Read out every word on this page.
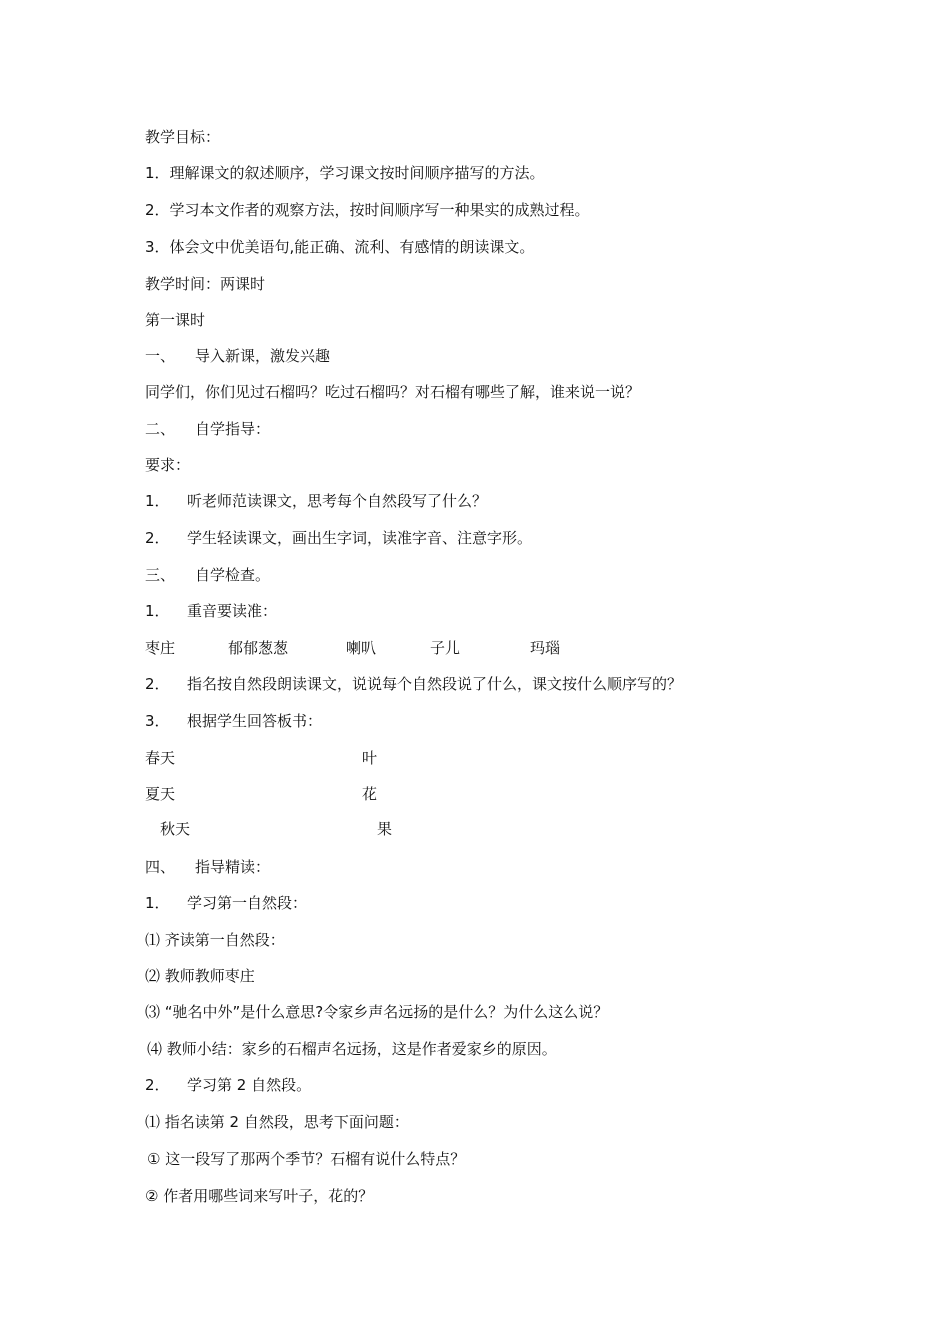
教学目标：
1．理解课文的叙述顺序，学习课文按时间顺序描写的方法。
2．学习本文作者的观察方法，按时间顺序写一种果实的成熟过程。
3．体会文中优美语句,能正确、流利、有感情的朗读课文。
教学时间：两课时
第一课时
一、 导入新课，激发兴趣
同学们，你们见过石榴吗？吃过石榴吗？对石榴有哪些了解，谁来说一说？
二、 自学指导：
要求：
1． 听老师范读课文，思考每个自然段写了什么？
2． 学生轻读课文，画出生字词，读准字音、注意字形。
三、 自学检查。
1． 重音要读准：
枣庄	郁郁葱葱	喇叭	子儿	玛瑙
2． 指名按自然段朗读课文，说说每个自然段说了什么，课文按什么顺序写的？
3． 根据学生回答板书：
春天	叶
夏天	花
秋天	果
四、 指导精读：
1． 学习第一自然段：
⑴ 齐读第一自然段：
⑵ 教师教师枣庄
⑶ “驰名中外”是什么意思?令家乡声名远扬的是什么？为什么这么说？
⑷ 教师小结：家乡的石榴声名远扬，这是作者爱家乡的原因。
2． 学习第 2 自然段。
⑴ 指名读第 2 自然段，思考下面问题：
① 这一段写了那两个季节？石榴有说什么特点？
② 作者用哪些词来写叶子，花的？
